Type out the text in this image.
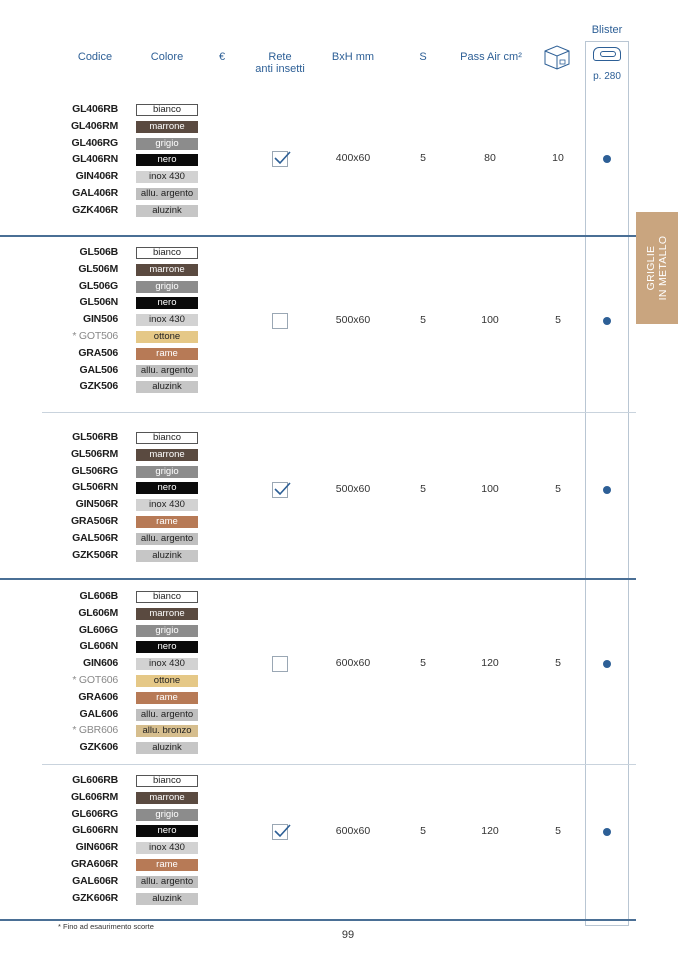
Codice	Colore	€	Rete
anti insetti
BxH mm	S	Pass Air cm²
Blister
p. 280
GRIGLIE IN METALLO
GL406RB	bianco
GL406RM	marrone
GL406RG	grigio
GL406RN	nero
GIN406R	inox 430
GAL406R	allu. argento
GZK406R	aluzink
400x60	5	80	10
GL506B	bianco
GL506M	marrone
GL506G	grigio
GL506N	nero
GIN506	inox 430
* GOT506	ottone
GRA506	rame
GAL506	allu. argento
GZK506	aluzink
500x60	5	100	5
GL506RB	bianco
GL506RM	marrone
GL506RG	grigio
GL506RN	nero
GIN506R	inox 430
GRA506R	rame
GAL506R	allu. argento
GZK506R	aluzink
500x60	5	100	5
GL606B	bianco
GL606M	marrone
GL606G	grigio
GL606N	nero
GIN606	inox 430
* GOT606	ottone
GRA606	rame
GAL606	allu. argento
* GBR606	allu. bronzo
GZK606	aluzink
600x60	5	120	5
GL606RB	bianco
GL606RM	marrone
GL606RG	grigio
GL606RN	nero
GIN606R	inox 430
GRA606R	rame
GAL606R	allu. argento
GZK606R	aluzink
600x60	5	120	5
* Fino ad esaurimento scorte
99
